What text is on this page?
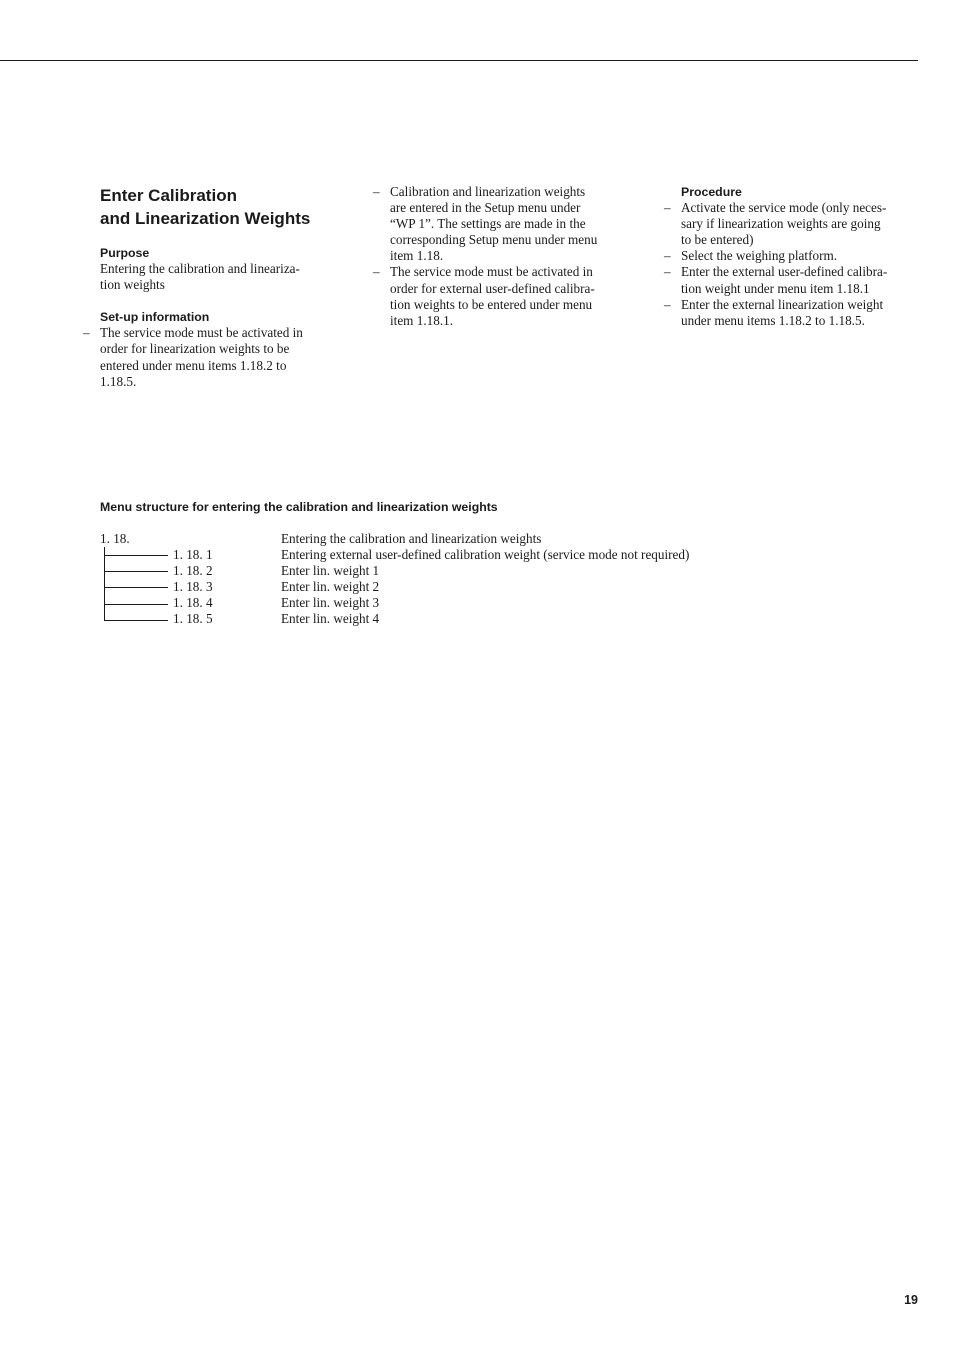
Enter Calibration
and Linearization Weights
Purpose

Entering the calibration and lineariza-
tion weights

Set-up information
– The service mode must be activated in
order for linearization weights to be
entered under menu items 1.18.2 to
1.18.5.
– Calibration and linearization weights
are entered in the Setup menu under
“WP 1”. The settings are made in the
corresponding Setup menu under menu
item 1.18.
– The service mode must be activated in
order for external user-defined calibra-
tion weights to be entered under menu
item 1.18.1.
Procedure
– Activate the service mode (only neces-
sary if linearization weights are going
to be entered)
– Select the weighing platform.
– Enter the external user-defined calibra-
tion weight under menu item 1.18.1
– Enter the external linearization weight
under menu items 1.18.2 to 1.18.5.
Menu structure for entering the calibration and linearization weights
1. 18.	Entering the calibration and linearization weights
1. 18. 1	Entering external user-defined calibration weight (service mode not required)
1. 18. 2	Enter lin. weight 1
1. 18. 3	Enter lin. weight 2
1. 18. 4	Enter lin. weight 3
1. 18. 5	Enter lin. weight 4
19
